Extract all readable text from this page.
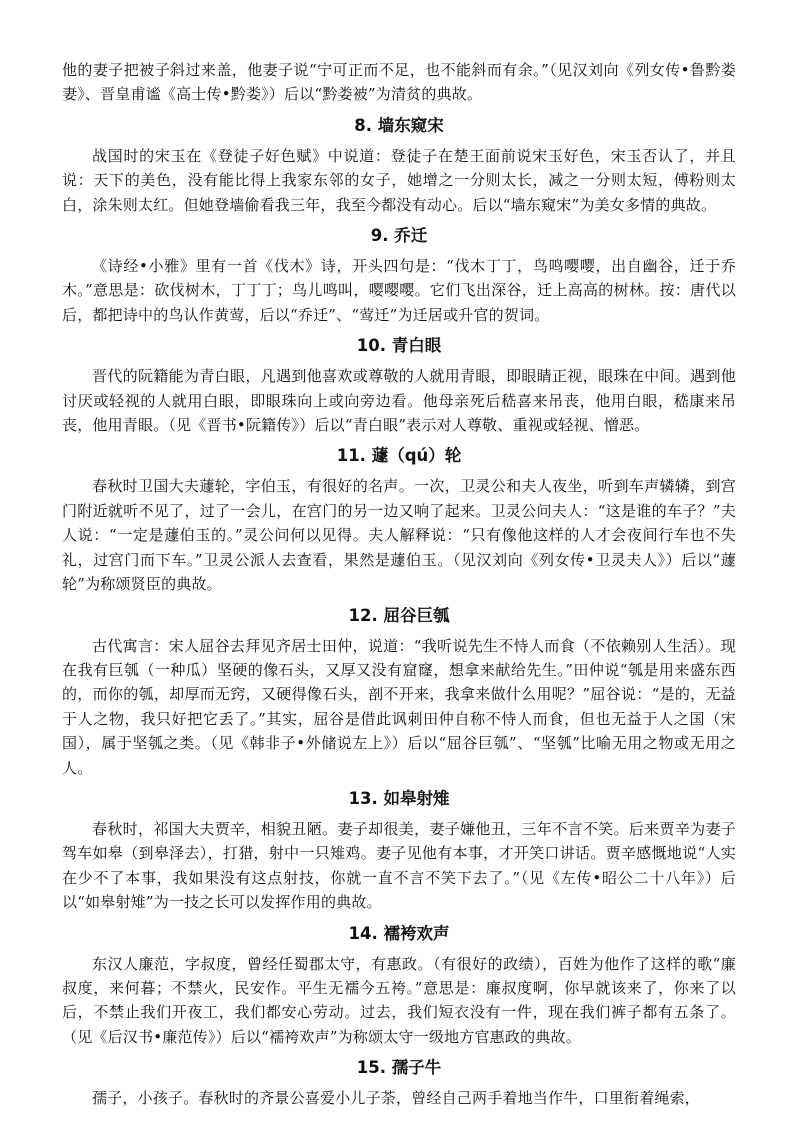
他的妻子把被子斜过来盖，他妻子说“宁可正而不足，也不能斜而有余。”（见汉刘向《列女传•鲁黔娄妻》、晋皇甫谧《高士传•黔娄》）后以“黔娄被”为清贫的典故。

8. 墙东窥宋

战国时的宋玉在《登徒子好色赋》中说道：登徒子在楚王面前说宋玉好色，宋玉否认了，并且说：天下的美色，没有能比得上我家东邻的女子，她增之一分则太长，减之一分则太短，傅粉则太白，涂朱则太红。但她登墙偷看我三年，我至今都没有动心。后以“墙东窥宋”为美女多情的典故。

9. 乔迁

《诗经•小雅》里有一首《伐木》诗，开头四句是：“伐木丁丁，鸟鸣嘤嘤，出自幽谷，迁于乔木。”意思是：砍伐树木，丁丁丁；鸟儿鸣叫，嘤嘤嘤。它们飞出深谷，迁上高高的树林。按：唐代以后，都把诗中的鸟认作黄莺，后以“乔迁”、“莺迁”为迁居或升官的贺词。

10. 青白眼

晋代的阮籍能为青白眼，凡遇到他喜欢或尊敬的人就用青眼，即眼睛正视，眼珠在中间。遇到他讨厌或轻视的人就用白眼，即眼珠向上或向旁边看。他母亲死后嵇喜来吊丧，他用白眼，嵇康来吊丧，他用青眼。（见《晋书•阮籍传》）后以“青白眼”表示对人尊敬、重视或轻视、憎恶。

11. 蘧（qú）轮

春秋时卫国大夫蘧轮，字伯玉，有很好的名声。一次，卫灵公和夫人夜坐，听到车声辚辚，到宫门附近就听不见了，过了一会儿，在宫门的另一边又响了起来。卫灵公问夫人：“这是谁的车子？”夫人说：“一定是蘧伯玉的。”灵公问何以见得。夫人解释说：“只有像他这样的人才会夜间行车也不失礼，过宫门而下车。”卫灵公派人去查看，果然是蘧伯玉。（见汉刘向《列女传•卫灵夫人》）后以“蘧轮”为称颂贤臣的典故。

12. 屈谷巨瓠

古代寓言：宋人屈谷去拜见齐居士田仲，说道：“我听说先生不恃人而食（不依赖别人生活）。现在我有巨瓠（一种瓜）坚硬的像石头，又厚又没有窟窿，想拿来献给先生。”田仲说“瓠是用来盛东西的，而你的瓠，却厚而无窍，又硬得像石头，剖不开来，我拿来做什么用呢？”屈谷说：“是的，无益于人之物，我只好把它丢了。”其实，屈谷是借此讽刺田仲自称不恃人而食，但也无益于人之国（宋国），属于坚瓠之类。（见《韩非子•外储说左上》）后以“屈谷巨瓠”、“坚瓠”比喻无用之物或无用之人。

13. 如皋射雉

春秋时，祁国大夫贾辛，相貌丑陋。妻子却很美，妻子嫌他丑，三年不言不笑。后来贾辛为妻子驾车如皋（到皋泽去），打猎，射中一只雉鸡。妻子见他有本事，才开笑口讲话。贾辛感慨地说“人实在少不了本事，我如果没有这点射技，你就一直不言不笑下去了。”（见《左传•昭公二十八年》）后以“如皋射雉”为一技之长可以发挥作用的典故。

14. 襦袴欢声

东汉人廉范，字叔度，曾经任蜀郡太守，有惠政。（有很好的政绩），百姓为他作了这样的歌“廉叔度，来何暮；不禁火，民安作。平生无襦今五袴。”意思是：廉叔度啊，你早就该来了，你来了以后，不禁止我们开夜工，我们都安心劳动。过去，我们短衣没有一件，现在我们裤子都有五条了。（见《后汉书•廉范传》）后以“襦袴欢声”为称颂太守一级地方官惠政的典故。

15. 孺子牛

孺子，小孩子。春秋时的齐景公喜爱小儿子荼，曾经自己两手着地当作牛，口里衔着绳索，
